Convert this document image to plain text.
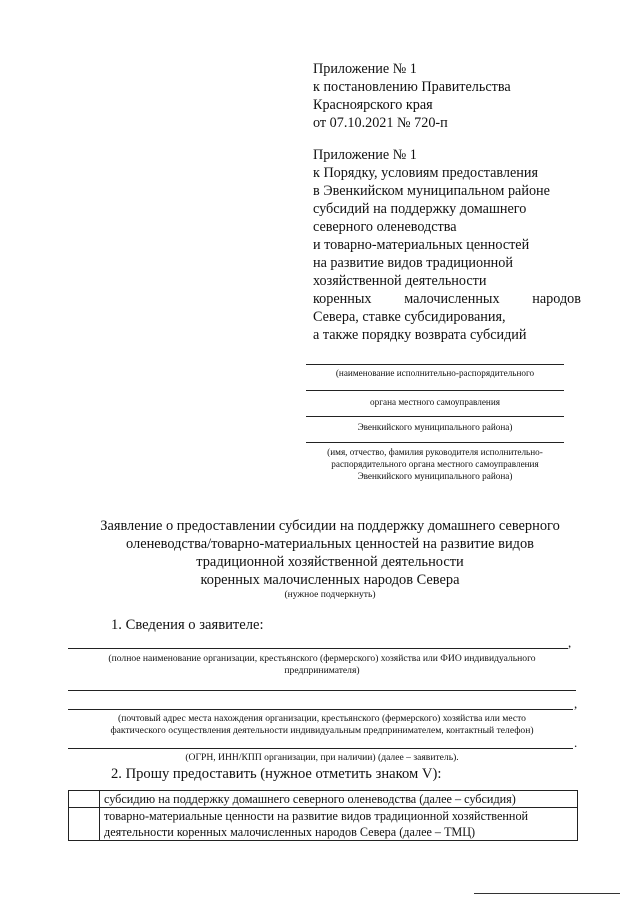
Приложение № 1
к постановлению Правительства
Красноярского края
от 07.10.2021 № 720-п
Приложение № 1
к Порядку, условиям предоставления
в Эвенкийском муниципальном районе
субсидий на поддержку домашнего
северного оленеводства
и товарно-материальных ценностей
на развитие видов традиционной
хозяйственной деятельности
коренных малочисленных народов
Севера, ставке субсидирования,
а также порядку возврата субсидий
(наименование исполнительно-распорядительного
органа местного самоуправления
Эвенкийского муниципального района)
(имя, отчество, фамилия руководителя исполнительно-
распорядительного органа местного самоуправления
Эвенкийского муниципального района)
Заявление о предоставлении субсидии на поддержку домашнего северного
оленеводства/товарно-материальных ценностей на развитие видов
традиционной хозяйственной деятельности
коренных малочисленных народов Севера
(нужное подчеркнуть)
1. Сведения о заявителе:
,
(полное наименование организации, крестьянского (фермерского) хозяйства или ФИО индивидуального
предпринимателя)
,
(почтовый адрес места нахождения организации, крестьянского (фермерского) хозяйства или место
фактического осуществления деятельности индивидуальным предпринимателем, контактный телефон)
.
(ОГРН, ИНН/КПП организации, при наличии) (далее – заявитель).
2. Прошу предоставить (нужное отметить знаком V):
	субсидию на поддержку домашнего северного оленеводства (далее – субсидия)

	товарно-материальные ценности на развитие видов традиционной хозяйственной
деятельности коренных малочисленных народов Севера (далее – ТМЦ)
